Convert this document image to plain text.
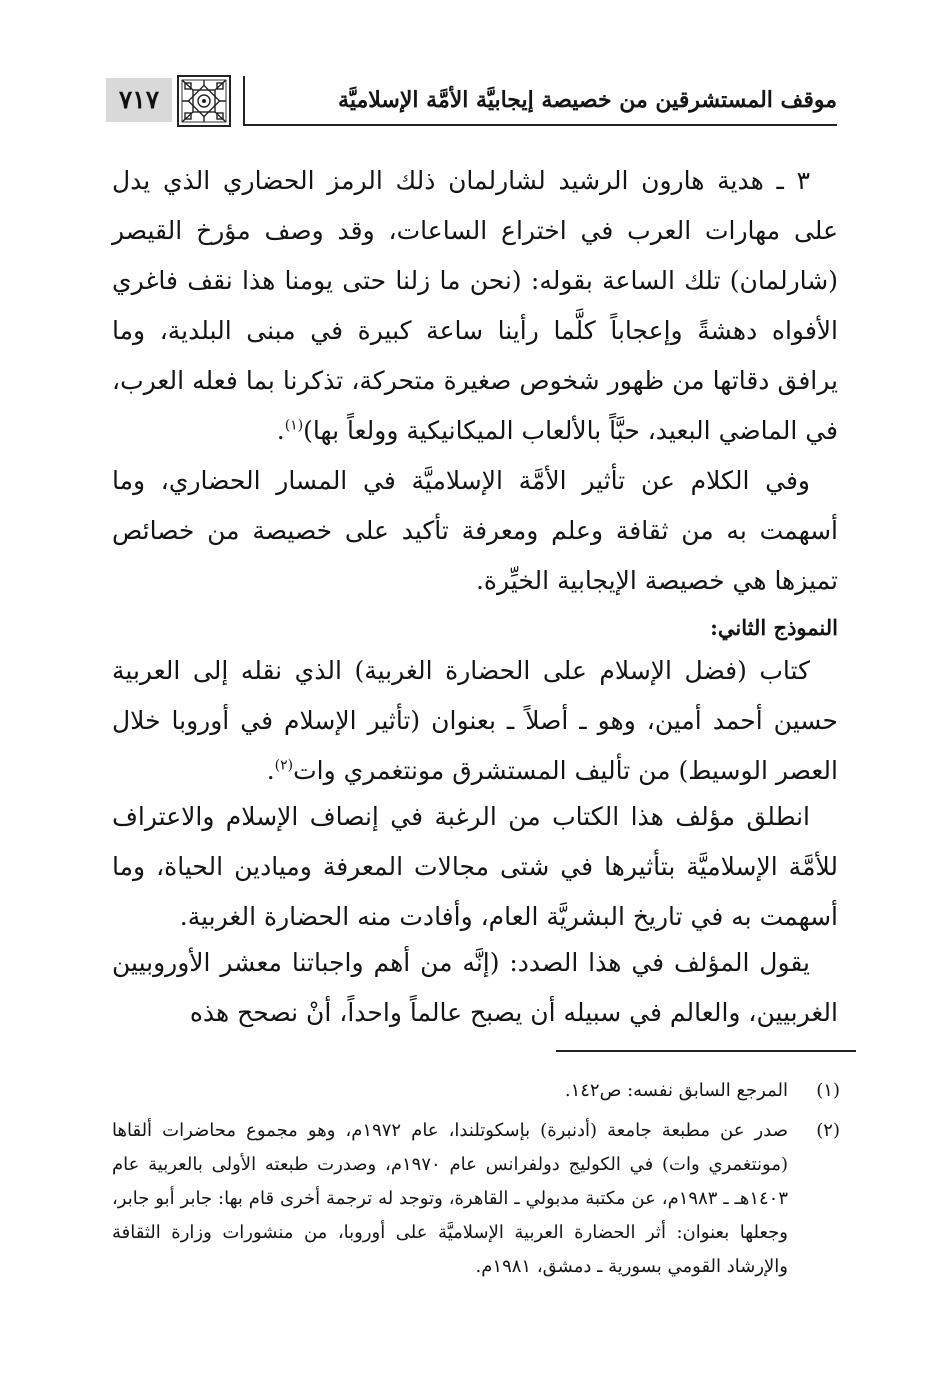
موقف المستشرقين من خصيصة إيجابيَّة الأمَّة الإسلاميَّة
٧١٧
٣ ـ هدية هارون الرشيد لشارلمان ذلك الرمز الحضاري الذي يدل على مهارات العرب في اختراع الساعات، وقد وصف مؤرخ القيصر (شارلمان) تلك الساعة بقوله: (نحن ما زلنا حتى يومنا هذا نقف فاغري الأفواه دهشةً وإعجاباً كلَّما رأينا ساعة كبيرة في مبنى البلدية، وما يرافق دقاتها من ظهور شخوص صغيرة متحركة، تذكرنا بما فعله العرب، في الماضي البعيد، حبَّاً بالألعاب الميكانيكية وولعاً بها)$^{(١)}$.
وفي الكلام عن تأثير الأمَّة الإسلاميَّة في المسار الحضاري، وما أسهمت به من ثقافة وعلم ومعرفة تأكيد على خصيصة من خصائص تميزها هي خصيصة الإيجابية الخيِّرة.
النموذج الثاني:
كتاب (فضل الإسلام على الحضارة الغربية) الذي نقله إلى العربية حسين أحمد أمين، وهو ـ أصلاً ـ بعنوان (تأثير الإسلام في أوروبا خلال العصر الوسيط) من تأليف المستشرق مونتغمري وات$^{(٢)}$.
انطلق مؤلف هذا الكتاب من الرغبة في إنصاف الإسلام والاعتراف للأمَّة الإسلاميَّة بتأثيرها في شتى مجالات المعرفة وميادين الحياة، وما أسهمت به في تاريخ البشريَّة العام، وأفادت منه الحضارة الغربية.
يقول المؤلف في هذا الصدد: (إنَّه من أهم واجباتنا معشر الأوروبيين الغربيين، والعالم في سبيله أن يصبح عالماً واحداً، أنْ نصحح هذه
(١)
المرجع السابق نفسه: ص١٤٢.
(٢)
صدر عن مطبعة جامعة (أدنبرة) بإسكوتلندا، عام ١٩٧٢م، وهو مجموع محاضرات ألقاها (مونتغمري وات) في الكوليج دولفرانس عام ١٩٧٠م، وصدرت طبعته الأولى بالعربية عام ١٤٠٣هـ ـ ١٩٨٣م، عن مكتبة مدبولي ـ القاهرة، وتوجد له ترجمة أخرى قام بها: جابر أبو جابر، وجعلها بعنوان: أثر الحضارة العربية الإسلاميَّة على أوروبا، من منشورات وزارة الثقافة والإرشاد القومي بسورية ـ دمشق، ١٩٨١م.
